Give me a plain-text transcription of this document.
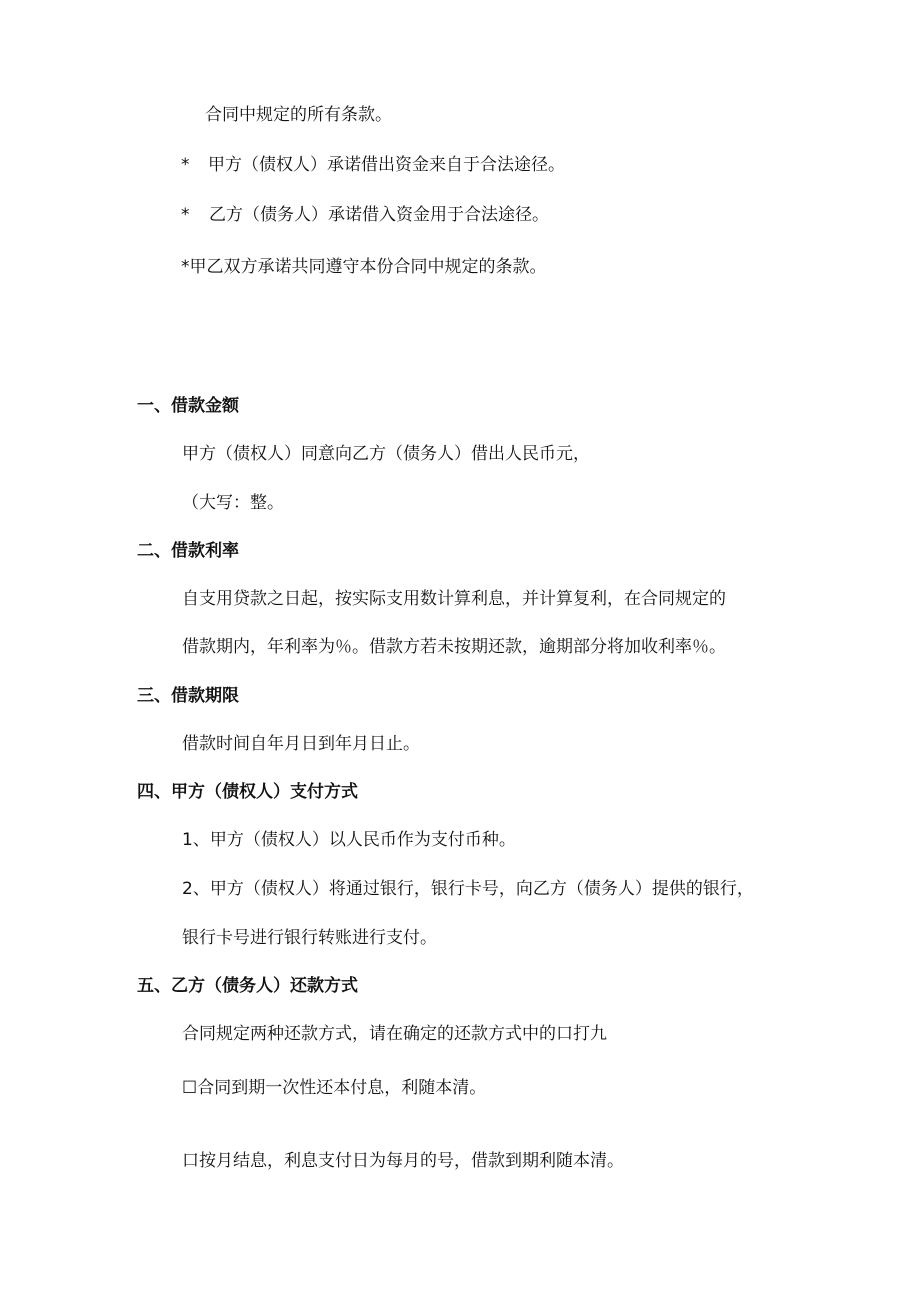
合同中规定的所有条款。
* 甲方（债权人）承诺借出资金来自于合法途径。
* 乙方（债务人）承诺借入资金用于合法途径。
*甲乙双方承诺共同遵守本份合同中规定的条款。
一、借款金额
甲方（债权人）同意向乙方（债务人）借出人民币元，
（大写：整。
二、借款利率
自支用贷款之日起，按实际支用数计算利息，并计算复利，在合同规定的
借款期内，年利率为％。借款方若未按期还款，逾期部分将加收利率％。
三、借款期限
借款时间自年月日到年月日止。
四、甲方（债权人）支付方式
1、甲方（债权人）以人民币作为支付币种。
2、甲方（债权人）将通过银行，银行卡号，向乙方（债务人）提供的银行，
银行卡号进行银行转账进行支付。
五、乙方（债务人）还款方式
合同规定两种还款方式，请在确定的还款方式中的口打九
☐合同到期一次性还本付息，利随本清。
口按月结息，利息支付日为每月的号，借款到期利随本清。
